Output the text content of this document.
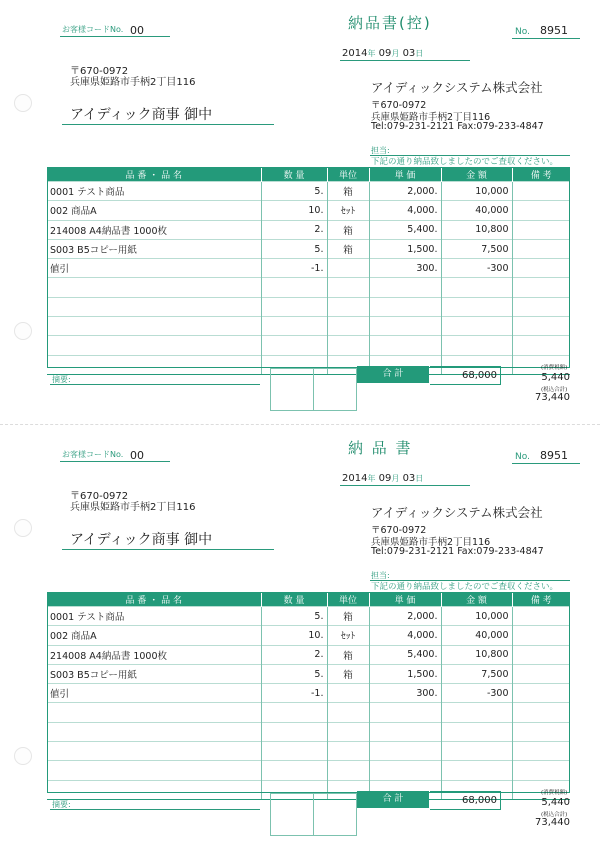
お客様コードNo. 00	納品書(控)	No. 8951
2014年 09月 03日
〒670-0972
兵庫県姫路市手柄2丁目116
アイディック商事 御中
アイディックシステム株式会社
〒670-0972
兵庫県姫路市手柄2丁目116
Tel:079-231-2121 Fax:079-233-4847
担当:
下記の通り納品致しましたのでご査収ください。
品 番 ・ 品 名	数 量	単位	単 価	金 額	備 考
0001 テスト商品	5.	箱	2,000.	10,000	
002 商品A	10.	ｾｯﾄ	4,000.	40,000	
214008 A4納品書 1000枚	2.	箱	5,400.	10,800	
S003 B5コピー用紙	5.	箱	1,500.	7,500	
値引	-1.		300.	-300	

摘要:
合 計	68,000
(消費税額)
5,440
(税込合計)
73,440
お客様コードNo. 00	納 品 書	No. 8951
2014年 09月 03日
〒670-0972
兵庫県姫路市手柄2丁目116
アイディック商事 御中
アイディックシステム株式会社
〒670-0972
兵庫県姫路市手柄2丁目116
Tel:079-231-2121 Fax:079-233-4847
担当:
下記の通り納品致しましたのでご査収ください。
品 番 ・ 品 名	数 量	単位	単 価	金 額	備 考
0001 テスト商品	5.	箱	2,000.	10,000	
002 商品A	10.	ｾｯﾄ	4,000.	40,000	
214008 A4納品書 1000枚	2.	箱	5,400.	10,800	
S003 B5コピー用紙	5.	箱	1,500.	7,500	
値引	-1.		300.	-300	

摘要:
合 計	68,000
(消費税額)
5,440
(税込合計)
73,440
